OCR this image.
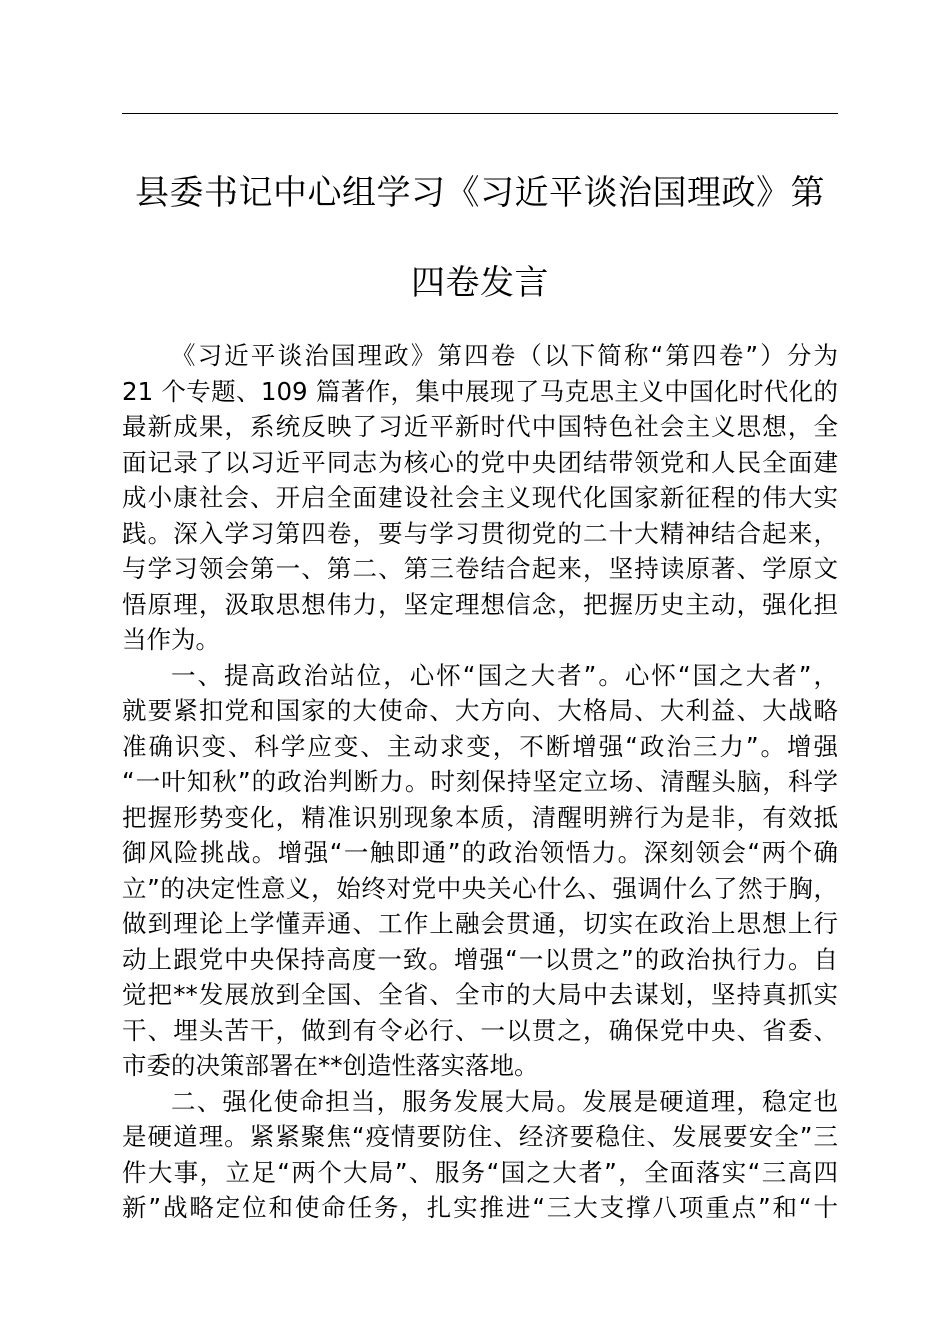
县委书记中心组学习《习近平谈治国理政》第
四卷发言
《习近平谈治国理政》第四卷（以下简称“第四卷”）分为
21 个专题、109 篇著作，集中展现了马克思主义中国化时代化的
最新成果，系统反映了习近平新时代中国特色社会主义思想，全
面记录了以习近平同志为核心的党中央团结带领党和人民全面建
成小康社会、开启全面建设社会主义现代化国家新征程的伟大实
践。深入学习第四卷，要与学习贯彻党的二十大精神结合起来，
与学习领会第一、第二、第三卷结合起来，坚持读原著、学原文
悟原理，汲取思想伟力，坚定理想信念，把握历史主动，强化担
当作为。
一、提高政治站位，心怀“国之大者”。心怀“国之大者”，
就要紧扣党和国家的大使命、大方向、大格局、大利益、大战略
准确识变、科学应变、主动求变，不断增强“政治三力”。增强
“一叶知秋”的政治判断力。时刻保持坚定立场、清醒头脑，科学
把握形势变化，精准识别现象本质，清醒明辨行为是非，有效抵
御风险挑战。增强“一触即通”的政治领悟力。深刻领会“两个确
立”的决定性意义，始终对党中央关心什么、强调什么了然于胸，
做到理论上学懂弄通、工作上融会贯通，切实在政治上思想上行
动上跟党中央保持高度一致。增强“一以贯之”的政治执行力。自
觉把**发展放到全国、全省、全市的大局中去谋划，坚持真抓实
干、埋头苦干，做到有令必行、一以贯之，确保党中央、省委、
市委的决策部署在**创造性落实落地。
二、强化使命担当，服务发展大局。发展是硬道理，稳定也
是硬道理。紧紧聚焦“疫情要防住、经济要稳住、发展要安全”三
件大事，立足“两个大局”、服务“国之大者”，全面落实“三高四
新”战略定位和使命任务，扎实推进“三大支撑八项重点”和“十
